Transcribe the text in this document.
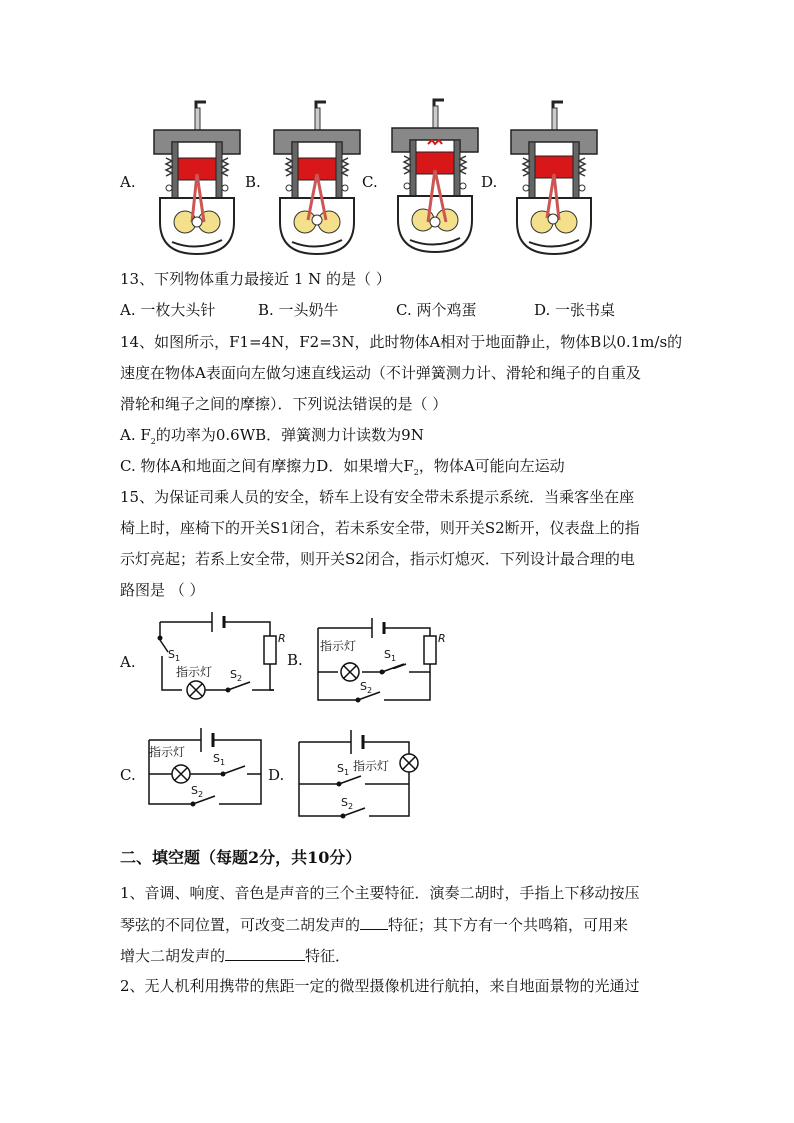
A.	B.	C.	D.
13、下列物体重力最接近 1 N 的是（ ）
A. 一枚大头针	B. 一头奶牛	C. 两个鸡蛋	D. 一张书桌
14、如图所示，F1=4N，F2=3N，此时物体A相对于地面静止，物体B以0.1m/s的
速度在物体A表面向左做匀速直线运动（不计弹簧测力计、滑轮和绳子的自重及
滑轮和绳子之间的摩擦）．下列说法错误的是（ ）
A. $F_2$的功率为0.6WB．弹簧测力计读数为9N
C. 物体A和地面之间有摩擦力D．如果增大$F_2$，物体A可能向左运动
15、为保证司乘人员的安全，轿车上设有安全带未系提示系统．当乘客坐在座
椅上时，座椅下的开关S1闭合，若未系安全带，则开关S2断开，仪表盘上的指
示灯亮起；若系上安全带，则开关S2闭合，指示灯熄灭．下列设计最合理的电
路图是 （ ）
A.	B.
C.	D.
$S_1$
指示灯 $S_2$
R
指示灯
$S_1$
$S_2$
R
指示灯	$S_1$
$S_2$
$S_1$ 指示灯
$S_2$
二、填空题（每题2分，共10分）
1、音调、响度、音色是声音的三个主要特征．演奏二胡时，手指上下移动按压
琴弦的不同位置，可改变二胡发声的 特征；其下方有一个共鸣箱，可用来
增大二胡发声的	特征．
2、无人机利用携带的焦距一定的微型摄像机进行航拍，来自地面景物的光通过
